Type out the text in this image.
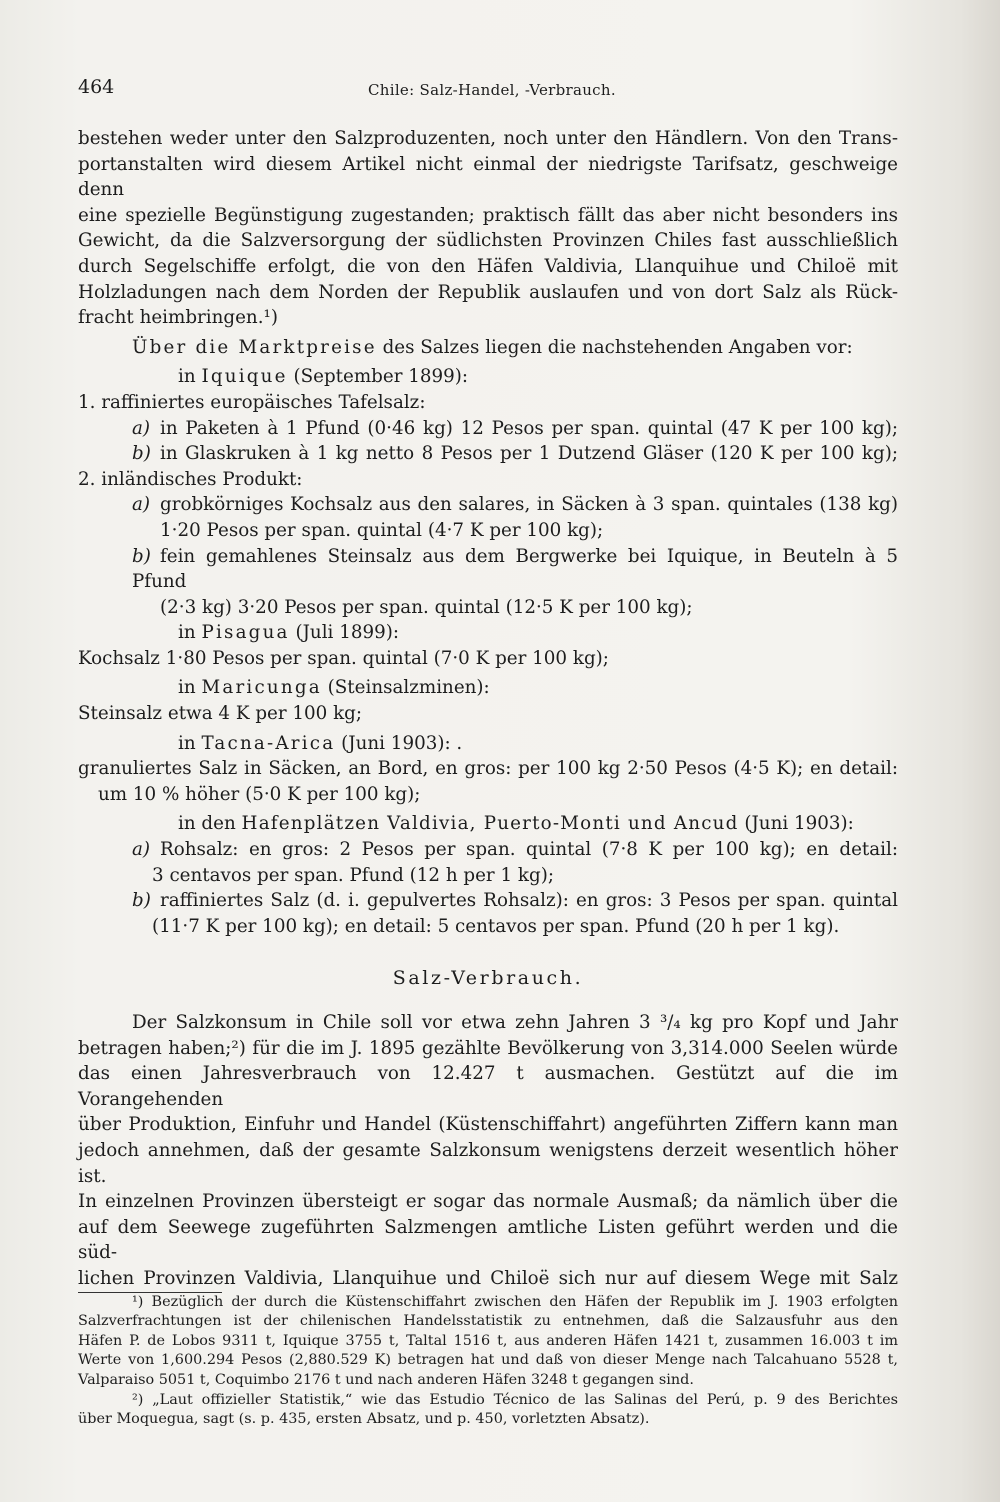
464	Chile: Salz-Handel, -Verbrauch.
bestehen weder unter den Salzproduzenten, noch unter den Händlern. Von den Trans-
portanstalten wird diesem Artikel nicht einmal der niedrigste Tarifsatz, geschweige denn
eine spezielle Begünstigung zugestanden; praktisch fällt das aber nicht besonders ins
Gewicht, da die Salzversorgung der südlichsten Provinzen Chiles fast ausschließlich
durch Segelschiffe erfolgt, die von den Häfen Valdivia, Llanquihue und Chiloë mit
Holzladungen nach dem Norden der Republik auslaufen und von dort Salz als Rück-
fracht heimbringen.¹)
Über die Marktpreise des Salzes liegen die nachstehenden Angaben vor:
in Iquique (September 1899):
1. raffiniertes europäisches Tafelsalz:
a) in Paketen à 1 Pfund (0·46 kg) 12 Pesos per span. quintal (47 K per 100 kg);
b) in Glaskruken à 1 kg netto 8 Pesos per 1 Dutzend Gläser (120 K per 100 kg);
2. inländisches Produkt:
a) grobkörniges Kochsalz aus den salares, in Säcken à 3 span. quintales (138 kg)
1·20 Pesos per span. quintal (4·7 K per 100 kg);
b) fein gemahlenes Steinsalz aus dem Bergwerke bei Iquique, in Beuteln à 5 Pfund
(2·3 kg) 3·20 Pesos per span. quintal (12·5 K per 100 kg);
in Pisagua (Juli 1899):
Kochsalz 1·80 Pesos per span. quintal (7·0 K per 100 kg);
in Maricunga (Steinsalzminen):
Steinsalz etwa 4 K per 100 kg;
in Tacna-Arica (Juni 1903): .
granuliertes Salz in Säcken, an Bord, en gros: per 100 kg 2·50 Pesos (4·5 K); en detail:
um 10 % höher (5·0 K per 100 kg);
in den Hafenplätzen Valdivia, Puerto-Monti und Ancud (Juni 1903):
a) Rohsalz: en gros: 2 Pesos per span. quintal (7·8 K per 100 kg); en detail:
3 centavos per span. Pfund (12 h per 1 kg);
b) raffiniertes Salz (d. i. gepulvertes Rohsalz): en gros: 3 Pesos per span. quintal
(11·7 K per 100 kg); en detail: 5 centavos per span. Pfund (20 h per 1 kg).
Salz-Verbrauch.
Der Salzkonsum in Chile soll vor etwa zehn Jahren 3 ³/₄ kg pro Kopf und Jahr
betragen haben;²) für die im J. 1895 gezählte Bevölkerung von 3,314.000 Seelen würde
das einen Jahresverbrauch von 12.427 t ausmachen. Gestützt auf die im Vorangehenden
über Produktion, Einfuhr und Handel (Küstenschiffahrt) angeführten Ziffern kann man
jedoch annehmen, daß der gesamte Salzkonsum wenigstens derzeit wesentlich höher ist.
In einzelnen Provinzen übersteigt er sogar das normale Ausmaß; da nämlich über die
auf dem Seewege zugeführten Salzmengen amtliche Listen geführt werden und die süd-
lichen Provinzen Valdivia, Llanquihue und Chiloë sich nur auf diesem Wege mit Salz

¹) Bezüglich der durch die Küstenschiffahrt zwischen den Häfen der Republik im J. 1903 erfolgten

Salzverfrachtungen ist der chilenischen Handelsstatistik zu entnehmen, daß die Salzausfuhr aus den

Häfen P. de Lobos 9311 t, Iquique 3755 t, Taltal 1516 t, aus anderen Häfen 1421 t, zusammen 16.003 t im

Werte von 1,600.294 Pesos (2,880.529 K) betragen hat und daß von dieser Menge nach Talcahuano 5528 t,

Valparaiso 5051 t, Coquimbo 2176 t und nach anderen Häfen 3248 t gegangen sind.

²) „Laut offizieller Statistik,“ wie das Estudio Técnico de las Salinas del Perú, p. 9 des Berichtes

über Moquegua, sagt (s. p. 435, ersten Absatz, und p. 450, vorletzten Absatz).
